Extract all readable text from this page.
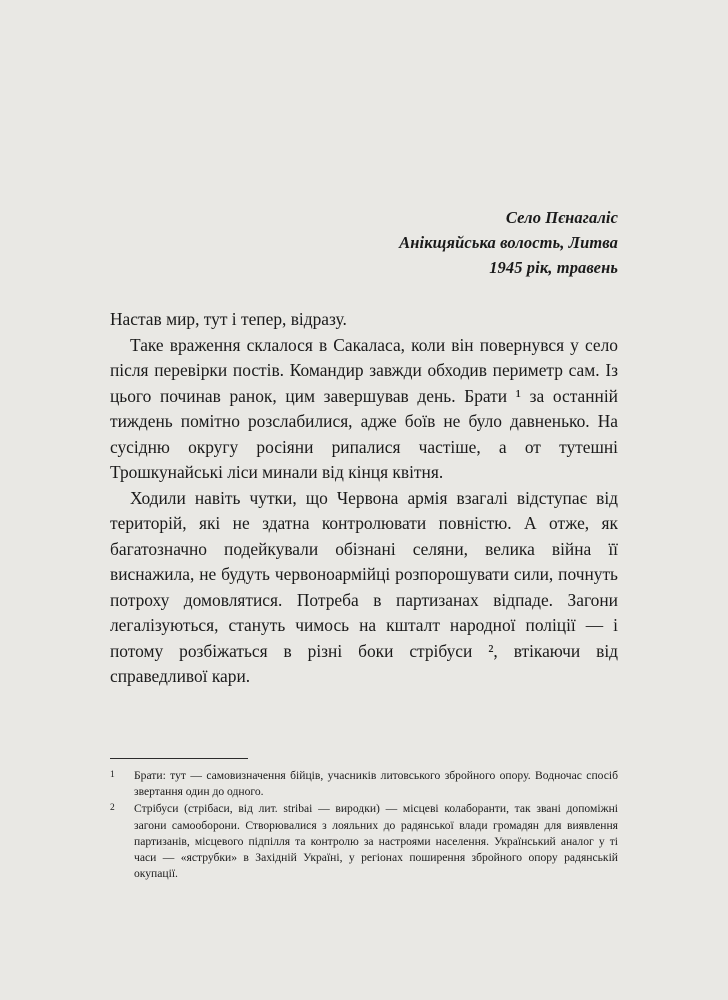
Село Пєнагаліс
Анікщяйська волость, Литва
1945 рік, травень

Настав мир, тут і тепер, відразу.

Таке враження склалося в Сакаласа, коли він повернувся у село після перевірки постів. Командир завжди обходив периметр сам. Із цього починав ранок, цим завершував день. Брати ¹ за останній тиждень помітно розслабилися, адже боїв не було давненько. На сусідню округу росіяни рипалися частіше, а от тутешні Трошкунайські ліси минали від кінця квітня.

Ходили навіть чутки, що Червона армія взагалі відступає від територій, які не здатна контролювати повністю. А отже, як багатозначно подейкували обізнані селяни, велика війна її виснажила, не будуть червоноармійці розпорошувати сили, почнуть потроху домовлятися. Потреба в партизанах відпаде. Загони легалізуються, стануть чимось на кшталт народної поліції — і потому розбіжаться в різні боки стрібуси ², втікаючи від справедливої кари.

1	Брати: тут — самовизначення бійців, учасників литовського збройного опору. Водночас спосіб звертання один до одного.
2	Стрібуси (стрібаси, від лит. stribai — виродки) — місцеві колаборанти, так звані допоміжні загони самооборони. Створювалися з лояльних до радянської влади громадян для виявлення партизанів, місцевого підпілля та контролю за настроями населення. Український аналог у ті часи — «яструбки» в Західній Україні, у регіонах поширення збройного опору радянській окупації.
